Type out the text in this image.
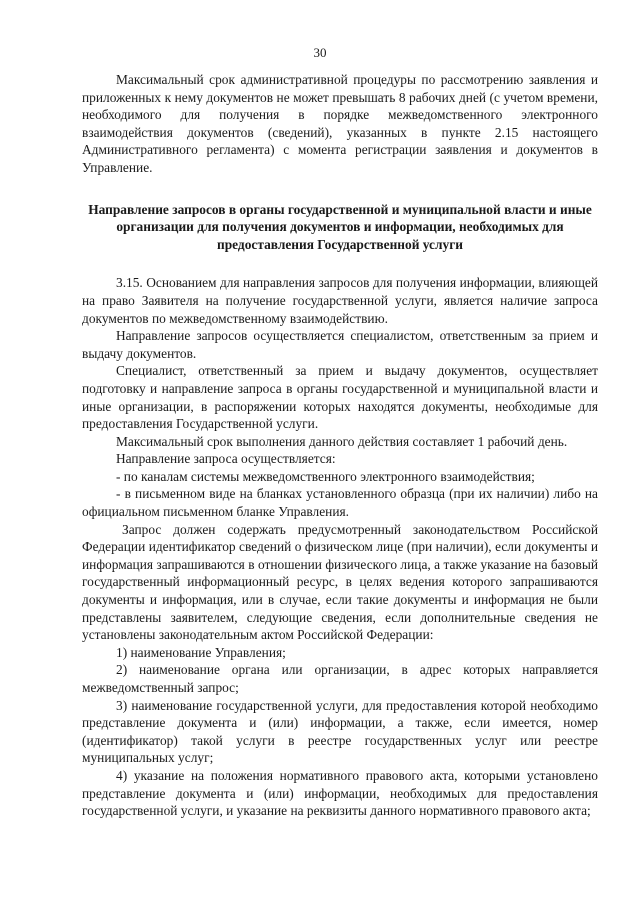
30

Максимальный срок административной процедуры по рассмотрению заявления и приложенных к нему документов не может превышать 8 рабочих дней (с учетом времени, необходимого для получения в порядке межведомственного электронного взаимодействия документов (сведений), указанных в пункте 2.15 настоящего Административного регламента) с момента регистрации заявления и документов в Управление.

Направление запросов в органы государственной и муниципальной власти и иные организации для получения документов и информации, необходимых для предоставления Государственной услуги

3.15. Основанием для направления запросов для получения информации, влияющей на право Заявителя на получение государственной услуги, является наличие запроса документов по межведомственному взаимодействию.

Направление запросов осуществляется специалистом, ответственным за прием и выдачу документов.

Специалист, ответственный за прием и выдачу документов, осуществляет подготовку и направление запроса в органы государственной и муниципальной власти и иные организации, в распоряжении которых находятся документы, необходимые для предоставления Государственной услуги.

Максимальный срок выполнения данного действия составляет 1 рабочий день.

Направление запроса осуществляется:

- по каналам системы межведомственного электронного взаимодействия;

- в письменном виде на бланках установленного образца (при их наличии) либо на официальном письменном бланке Управления.

Запрос должен содержать предусмотренный законодательством Российской Федерации идентификатор сведений о физическом лице (при наличии), если документы и информация запрашиваются в отношении физического лица, а также указание на базовый государственный информационный ресурс, в целях ведения которого запрашиваются документы и информация, или в случае, если такие документы и информация не были представлены заявителем, следующие сведения, если дополнительные сведения не установлены законодательным актом Российской Федерации:

1) наименование Управления;

2) наименование органа или организации, в адрес которых направляется межведомственный запрос;

3) наименование государственной услуги, для предоставления которой необходимо представление документа и (или) информации, а также, если имеется, номер (идентификатор) такой услуги в реестре государственных услуг или реестре муниципальных услуг;

4) указание на положения нормативного правового акта, которыми установлено представление документа и (или) информации, необходимых для предоставления государственной услуги, и указание на реквизиты данного нормативного правового акта;
